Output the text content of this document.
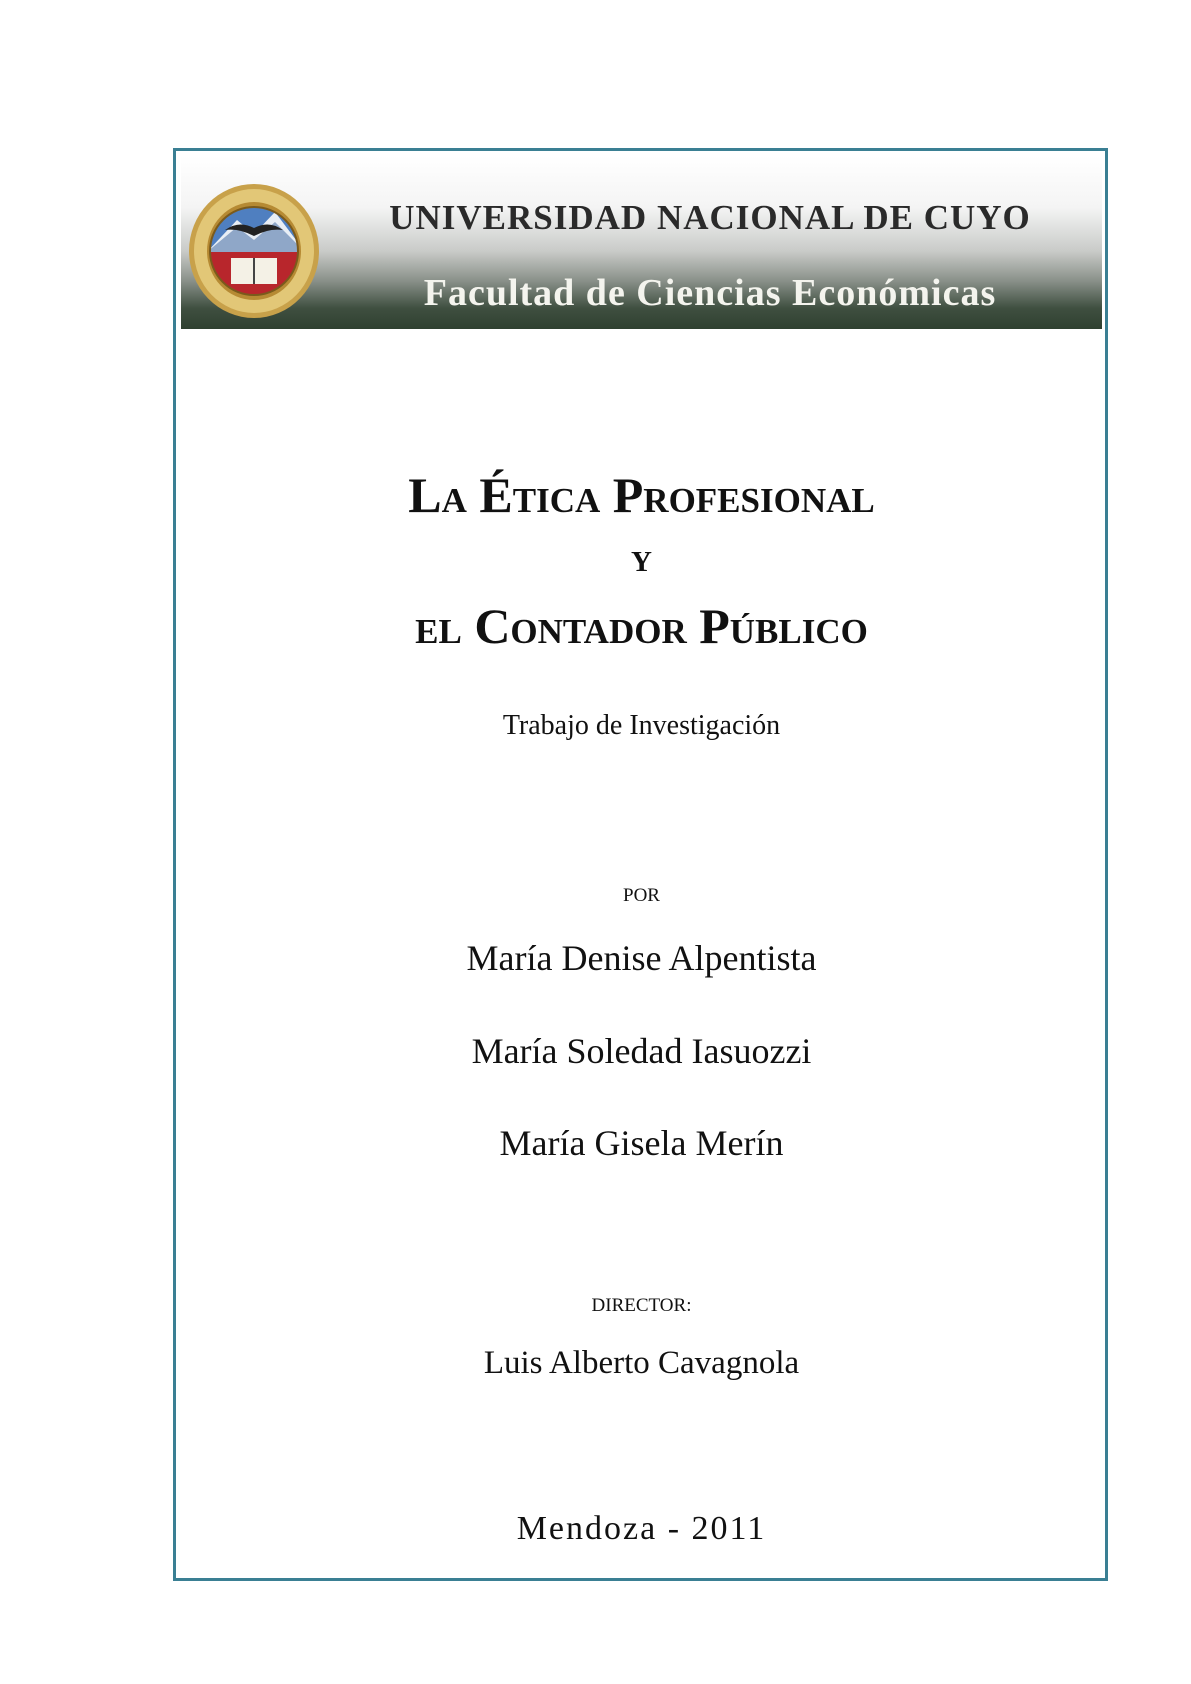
UNIVERSIDAD NACIONAL DE CUYO
Facultad de Ciencias Económicas
La Ética Profesional
y
el Contador Público
Trabajo de Investigación
POR
María Denise Alpentista
María Soledad Iasuozzi
María Gisela Merín
DIRECTOR:
Luis Alberto Cavagnola
Mendoza - 2011
